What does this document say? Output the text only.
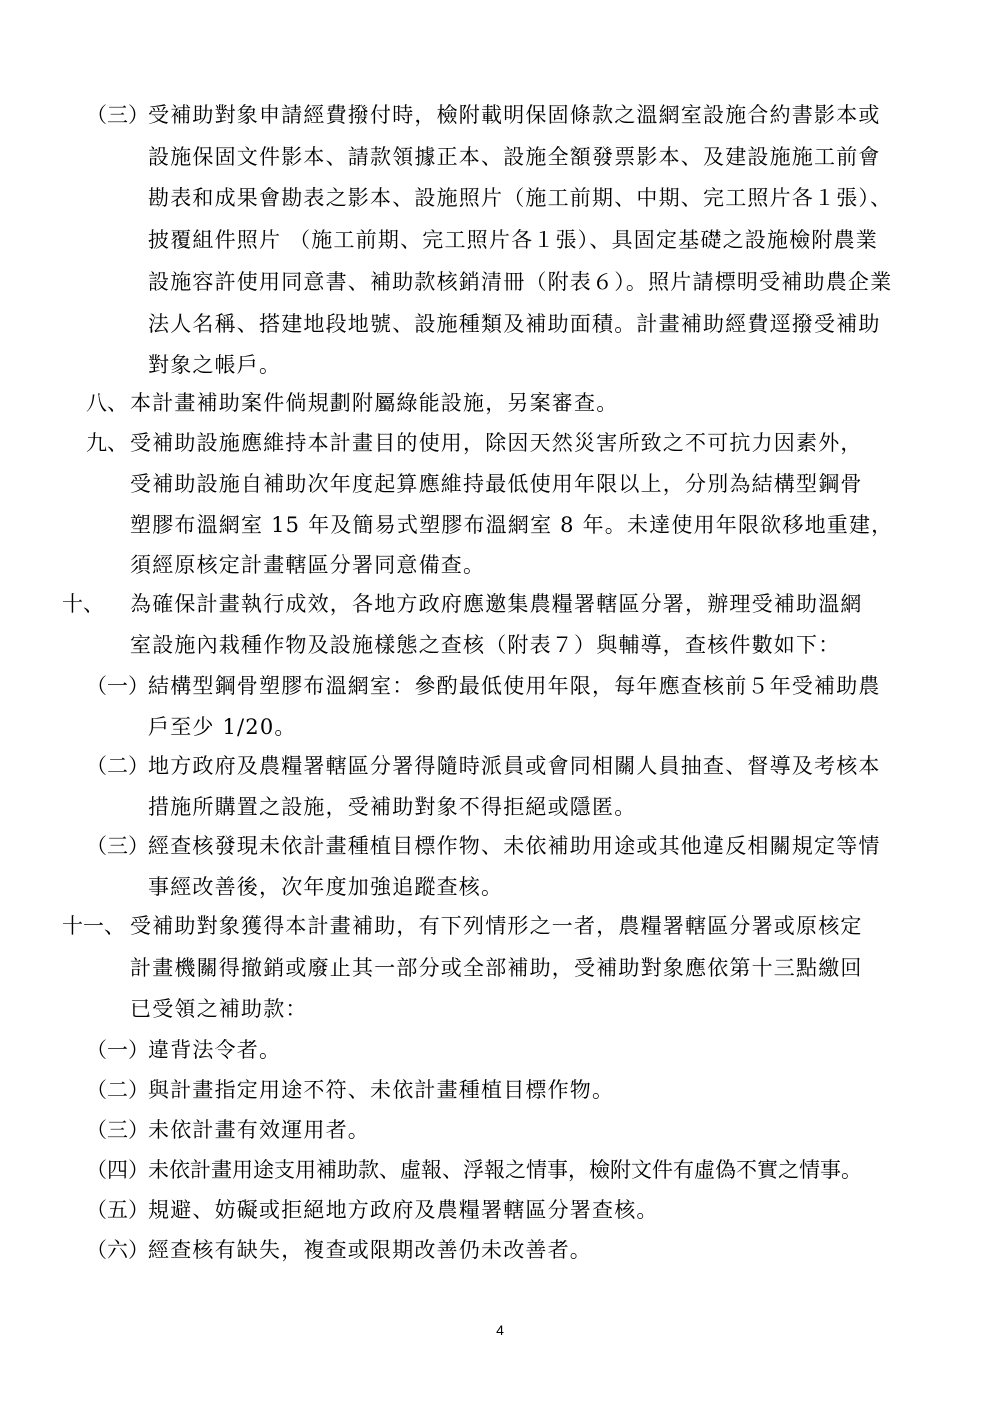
（三） 受補助對象申請經費撥付時，檢附載明保固條款之溫網室設施合約書影本或
設施保固文件影本、請款領據正本、設施全額發票影本、及建設施施工前會
勘表和成果會勘表之影本、設施照片（施工前期、中期、完工照片各１張）、
披覆組件照片 （施工前期、完工照片各１張）、具固定基礎之設施檢附農業
設施容許使用同意書、補助款核銷清冊（附表６）。照片請標明受補助農企業
法人名稱、搭建地段地號、設施種類及補助面積。計畫補助經費逕撥受補助
對象之帳戶。
八、 本計畫補助案件倘規劃附屬綠能設施，另案審查。
九、 受補助設施應維持本計畫目的使用，除因天然災害所致之不可抗力因素外，
受補助設施自補助次年度起算應維持最低使用年限以上，分別為結構型鋼骨
塑膠布溫網室 15 年及簡易式塑膠布溫網室 8 年。未達使用年限欲移地重建，
須經原核定計畫轄區分署同意備查。
十、 為確保計畫執行成效，各地方政府應邀集農糧署轄區分署，辦理受補助溫網
室設施內栽種作物及設施樣態之查核（附表７）與輔導，查核件數如下：
（一） 結構型鋼骨塑膠布溫網室：參酌最低使用年限，每年應查核前５年受補助農
戶至少 1/20。
（二） 地方政府及農糧署轄區分署得隨時派員或會同相關人員抽查、督導及考核本
措施所購置之設施，受補助對象不得拒絕或隱匿。
（三） 經查核發現未依計畫種植目標作物、未依補助用途或其他違反相關規定等情
事經改善後，次年度加強追蹤查核。
十一、 受補助對象獲得本計畫補助，有下列情形之一者，農糧署轄區分署或原核定
計畫機關得撤銷或廢止其一部分或全部補助，受補助對象應依第十三點繳回
已受領之補助款：
（一） 違背法令者。
（二） 與計畫指定用途不符、未依計畫種植目標作物。
（三） 未依計畫有效運用者。
（四） 未依計畫用途支用補助款、虛報、浮報之情事，檢附文件有虛偽不實之情事。
（五） 規避、妨礙或拒絕地方政府及農糧署轄區分署查核。
（六） 經查核有缺失，複查或限期改善仍未改善者。
4
